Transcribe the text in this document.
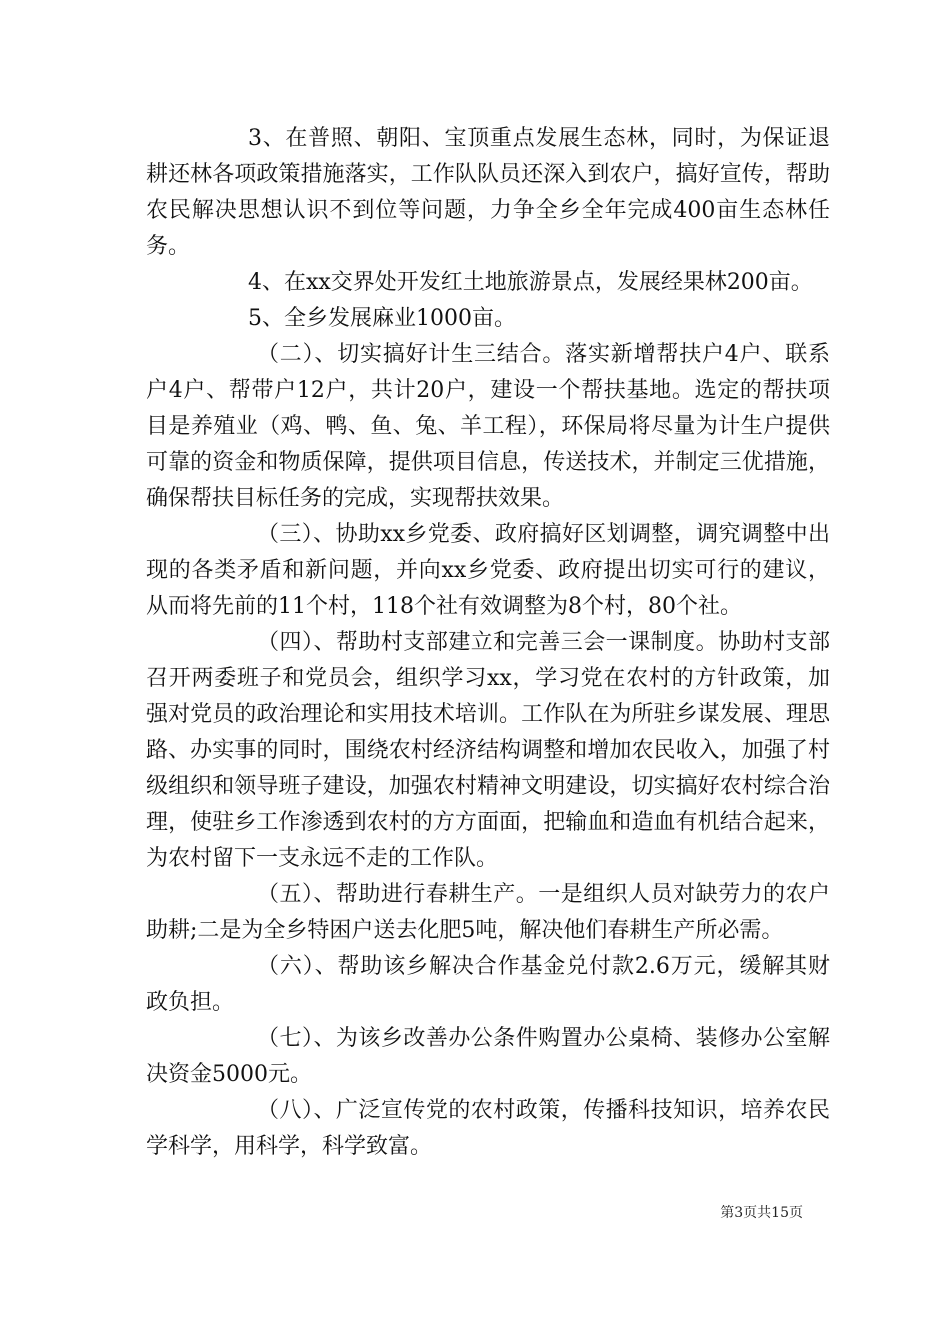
3、在普照、朝阳、宝顶重点发展生态林，同时，为保证退耕还林各项政策措施落实，工作队队员还深入到农户，搞好宣传，帮助农民解决思想认识不到位等问题，力争全乡全年完成400亩生态林任务。

4、在xx交界处开发红土地旅游景点，发展经果林200亩。

5、全乡发展麻业1000亩。

（二）、切实搞好计生三结合。落实新增帮扶户4户、联系户4户、帮带户12户，共计20户，建设一个帮扶基地。选定的帮扶项目是养殖业（鸡、鸭、鱼、兔、羊工程），环保局将尽量为计生户提供可靠的资金和物质保障，提供项目信息，传送技术，并制定三优措施，确保帮扶目标任务的完成，实现帮扶效果。

（三）、协助xx乡党委、政府搞好区划调整，调究调整中出现的各类矛盾和新问题，并向xx乡党委、政府提出切实可行的建议，从而将先前的11个村，118个社有效调整为8个村，80个社。

（四）、帮助村支部建立和完善三会一课制度。协助村支部召开两委班子和党员会，组织学习xx，学习党在农村的方针政策，加强对党员的政治理论和实用技术培训。工作队在为所驻乡谋发展、理思路、办实事的同时，围绕农村经济结构调整和增加农民收入，加强了村级组织和领导班子建设，加强农村精神文明建设，切实搞好农村综合治理，使驻乡工作渗透到农村的方方面面，把输血和造血有机结合起来，为农村留下一支永远不走的工作队。

（五）、帮助进行春耕生产。一是组织人员对缺劳力的农户助耕;二是为全乡特困户送去化肥5吨，解决他们春耕生产所必需。

（六）、帮助该乡解决合作基金兑付款2.6万元，缓解其财政负担。

（七）、为该乡改善办公条件购置办公桌椅、装修办公室解决资金5000元。

（八）、广泛宣传党的农村政策，传播科技知识，培养农民学科学，用科学，科学致富。

第3页共15页
